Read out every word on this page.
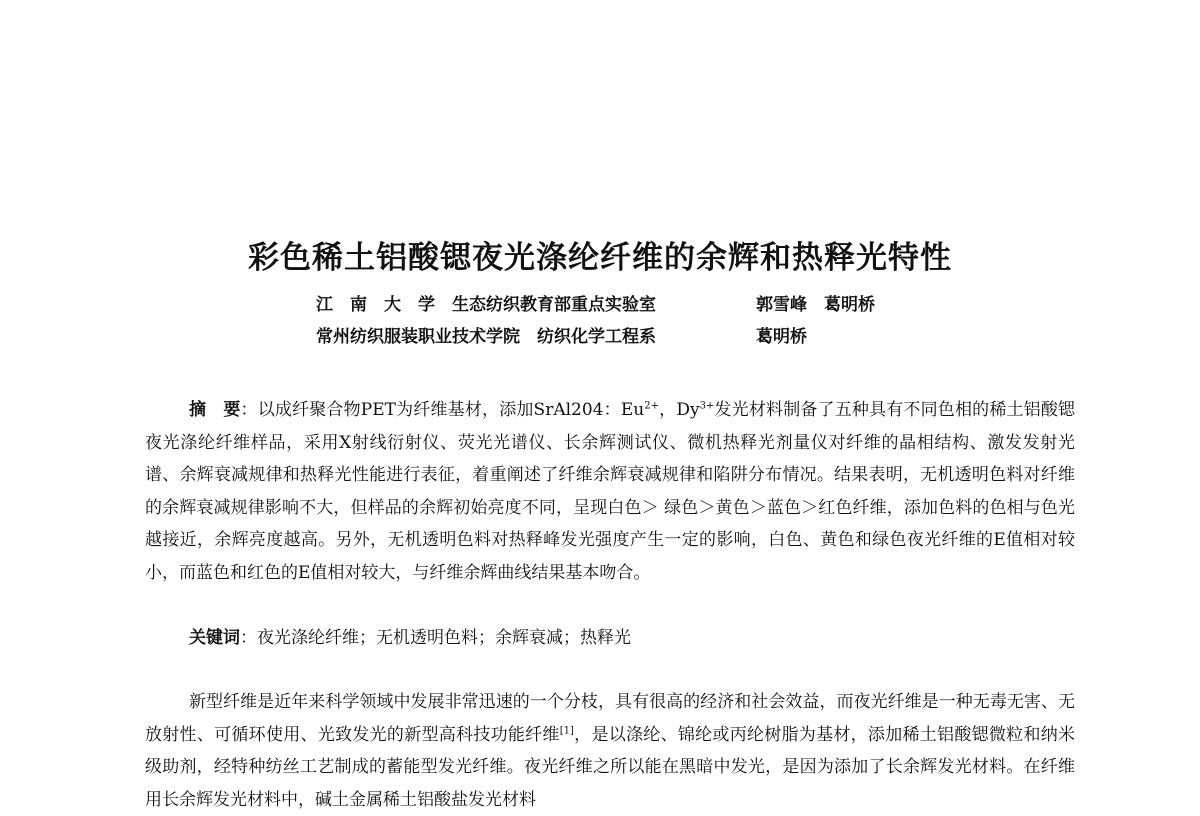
彩色稀土铝酸锶夜光涤纶纤维的余辉和热释光特性
江　南　大　学　生态纺织教育部重点实验室	郭雪峰　葛明桥
常州纺织服装职业技术学院　纺织化学工程系	葛明桥

摘　要：以成纤聚合物PET为纤维基材，添加SrAl204：$Eu^{2+}$，$Dy^{3+}$发光材料制备了五种具有不同色相的稀土铝酸锶夜光涤纶纤维样品，采用X射线衍射仪、荧光光谱仪、长余辉测试仪、微机热释光剂量仪对纤维的晶相结构、激发发射光谱、余辉衰减规律和热释光性能进行表征，着重阐述了纤维余辉衰减规律和陷阱分布情况。结果表明，无机透明色料对纤维的余辉衰减规律影响不大，但样品的余辉初始亮度不同，呈现白色＞ 绿色＞黄色＞蓝色＞红色纤维，添加色料的色相与色光越接近，余辉亮度越高。另外，无机透明色料对热释峰发光强度产生一定的影响，白色、黄色和绿色夜光纤维的E值相对较小，而蓝色和红色的E值相对较大，与纤维余辉曲线结果基本吻合。

关键词：夜光涤纶纤维；无机透明色料；余辉衰减；热释光

新型纤维是近年来科学领域中发展非常迅速的一个分枝，具有很高的经济和社会效益，而夜光纤维是一种无毒无害、无放射性、可循环使用、光致发光的新型高科技功能纤维[1]，是以涤纶、锦纶或丙纶树脂为基材，添加稀土铝酸锶微粒和纳米级助剂，经特种纺丝工艺制成的蓄能型发光纤维。夜光纤维之所以能在黑暗中发光，是因为添加了长余辉发光材料。在纤维用长余辉发光材料中，碱土金属稀土铝酸盐发光材料
